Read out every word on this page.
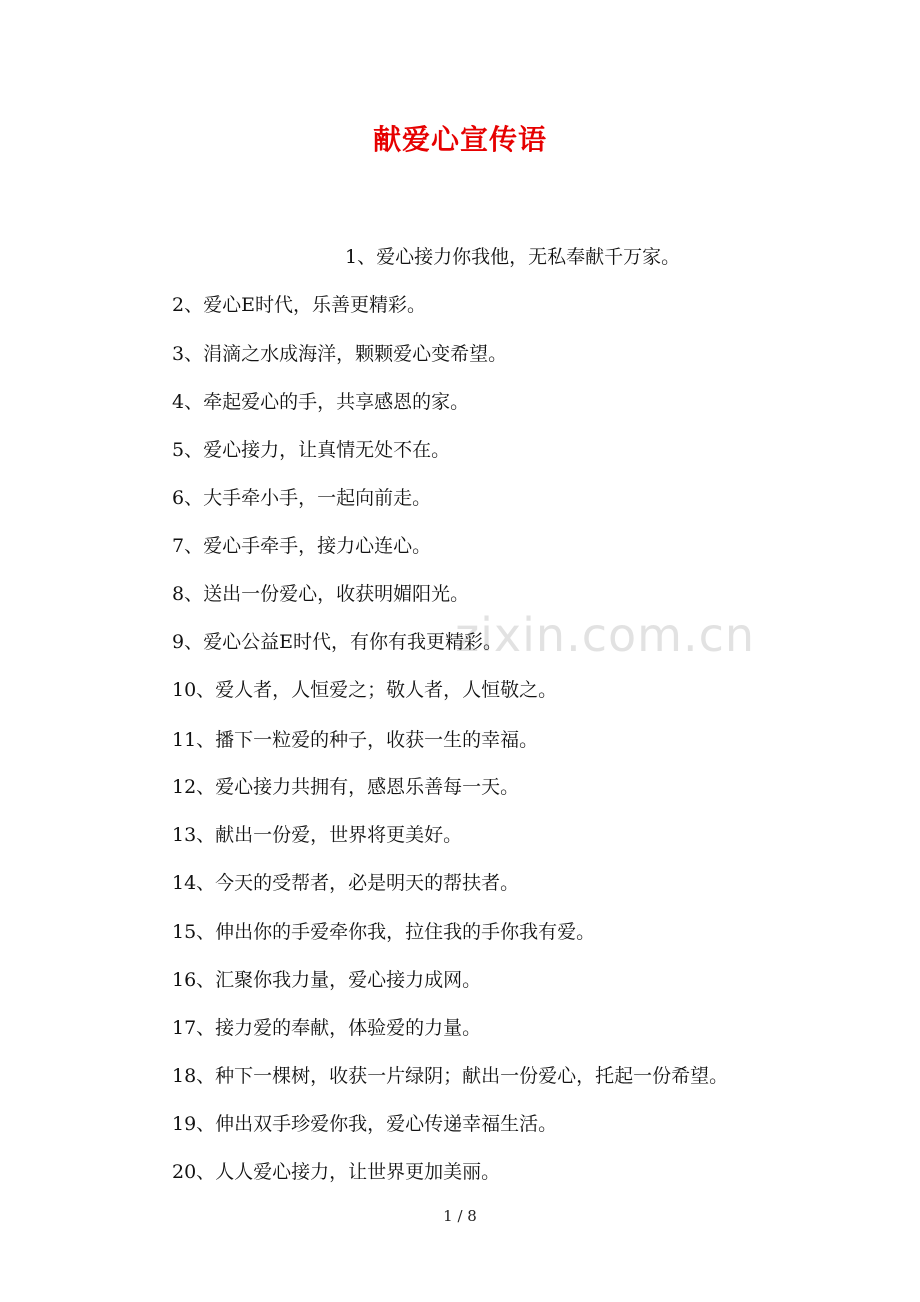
献爱心宣传语
zixin.com.cn
1、爱心接力你我他，无私奉献千万家。
2、爱心E时代，乐善更精彩。
3、涓滴之水成海洋，颗颗爱心变希望。
4、牵起爱心的手，共享感恩的家。
5、爱心接力，让真情无处不在。
6、大手牵小手，一起向前走。
7、爱心手牵手，接力心连心。
8、送出一份爱心，收获明媚阳光。
9、爱心公益E时代，有你有我更精彩。
10、爱人者，人恒爱之；敬人者，人恒敬之。
11、播下一粒爱的种子，收获一生的幸福。
12、爱心接力共拥有，感恩乐善每一天。
13、献出一份爱，世界将更美好。
14、今天的受帮者，必是明天的帮扶者。
15、伸出你的手爱牵你我，拉住我的手你我有爱。
16、汇聚你我力量，爱心接力成网。
17、接力爱的奉献，体验爱的力量。
18、种下一棵树，收获一片绿阴；献出一份爱心，托起一份希望。
19、伸出双手珍爱你我，爱心传递幸福生活。
20、人人爱心接力，让世界更加美丽。
1 / 8
